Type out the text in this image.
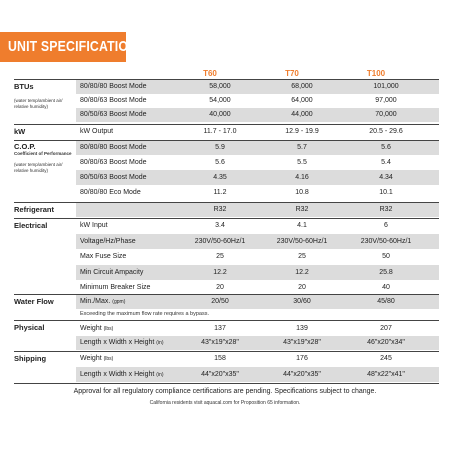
UNIT SPECIFICATIONS
T60	T70	T100
BTUs
(water temp/ambient air/ relative humidity)
80/80/80 Boost Mode	58,000	68,000	101,000
80/80/63 Boost Mode	54,000	64,000	97,000
80/50/63 Boost Mode	40,000	44,000	70,000
kW	kW Output	11.7 - 17.0	12.9 - 19.9	20.5 - 29.6
C.O.P.
Coefficient of Performance
(water temp/ambient air/ relative humidity)
80/80/80 Boost Mode	5.9	5.7	5.6
80/80/63 Boost Mode	5.6	5.5	5.4
80/50/63 Boost Mode	4.35	4.16	4.34
80/80/80 Eco Mode	11.2	10.8	10.1
Refrigerant	R32	R32	R32
Electrical	kW Input	3.4	4.1	6
Voltage/Hz/Phase	230V/50-60Hz/1	230V/50-60Hz/1	230V/50-60Hz/1
Max Fuse Size	25	25	50
Min Circuit Ampacity	12.2	12.2	25.8
Minimum Breaker Size	20	20	40
Water Flow	Min./Max. (gpm)	20/50	30/60	45/80
Exceeding the maximum flow rate requires a bypass.
Physical	Weight (lbs)	137	139	207
Length x Width x Height (in)	43"x19"x28"	43"x19"x28"	46"x20"x34"
Shipping	Weight (lbs)	158	176	245
Length x Width x Height (in)	44"x20"x35"	44"x20"x35"	48"x22"x41"
Approval for all regulatory compliance certifications are pending. Specifications subject to change.
California residents visit aquacal.com for Proposition 65 information.
